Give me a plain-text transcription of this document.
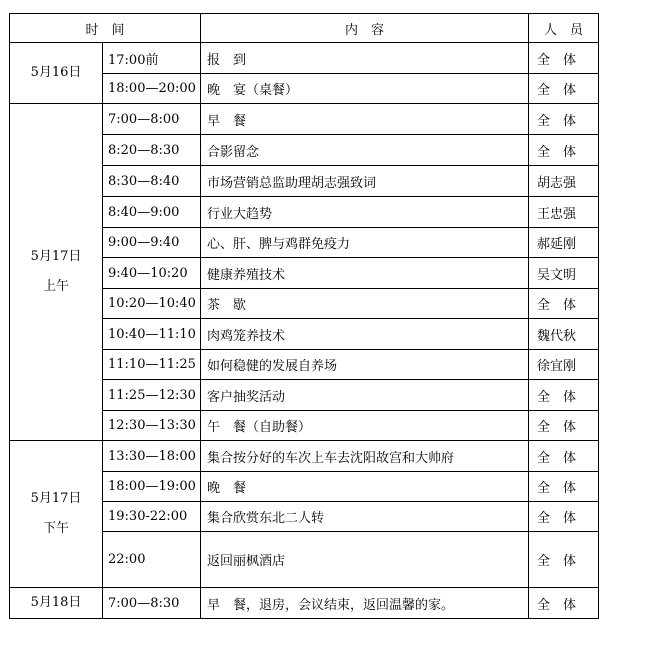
时　间		内　容	人　员
5月16日	17:00前	报　到	全　体
	18:00—20:00	晚　宴（桌餐）	全　体

5月17日
上午	7:00—8:00	早　餐	全　体
	8:20—8:30	合影留念	全　体
	8:30—8:40	市场营销总监助理胡志强致词	胡志强
	8:40—9:00	行业大趋势	王忠强
	9:00—9:40	心、肝、脾与鸡群免疫力	郝延刚
	9:40—10:20	健康养殖技术	吴文明
	10:20—10:40	茶　歇	全　体
	10:40—11:10	肉鸡笼养技术	魏代秋
	11:10—11:25	如何稳健的发展自养场	徐宜刚
	11:25—12:30	客户抽奖活动	全　体
	12:30—13:30	午　餐（自助餐）	全　体

5月17日
下午	13:30—18:00	集合按分好的车次上车去沈阳故宫和大帅府	全　体
	18:00—19:00	晚　餐	全　体
	19:30-22:00	集合欣赏东北二人转	全　体
	22:00	返回丽枫酒店	全　体
5月18日	7:00—8:30	早　餐，退房，会议结束，返回温馨的家。	全　体
